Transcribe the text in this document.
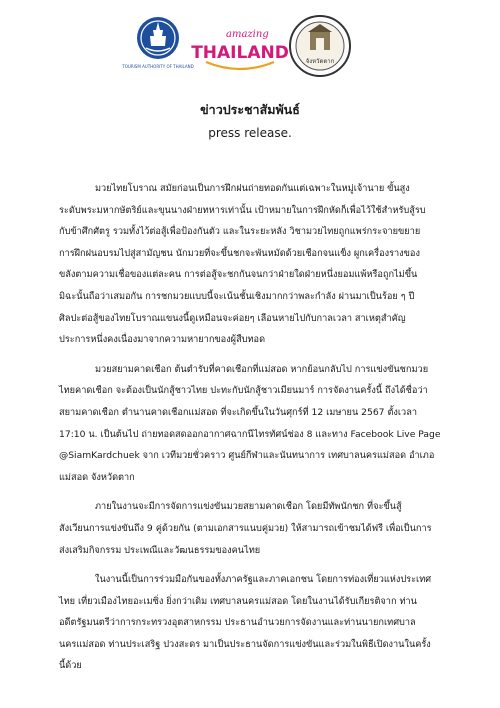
TOURISM AUTHORITY OF THAILAND
amazing
THAILAND	จังหวัดตาก
ข่าวประชาสัมพันธ์
press release.

มวยไทยโบราณ สมัยก่อนเป็นการฝึกฝนถ่ายทอดกันแต่เฉพาะในหมู่เจ้านาย ขั้นสูง
ระดับพระมหากษัตริย์และขุนนางฝ่ายทหารเท่านั้น เป้าหมายในการฝึกหัดก็เพื่อไว้ใช้สำหรับสู้รบ
กับข้าศึกศัตรู รวมทั้งไว้ต่อสู้เพื่อป้องกันตัว และในระยะหลัง วิชามวยไทยถูกแพร่กระจายขยาย
การฝึกฝนอบรมไปสู่สามัญชน นักมวยที่จะขึ้นชกจะพันหมัดด้วยเชือกจนแข็ง ผูกเครื่องรางของ
ขลังตามความเชื่อของแต่ละคน การต่อสู้จะชกกันจนกว่าฝ่ายใดฝ่ายหนึ่งยอมแพ้หรือถูกไม่ขึ้น
มิฉะนั้นถือว่าเสมอกัน การชกมวยแบบนี้จะเน้นชั้นเชิงมากกว่าพละกำลัง ผ่านมาเป็นร้อย ๆ ปี
ศิลปะต่อสู้ของไทยโบราณแขนงนี้ดูเหมือนจะค่อยๆ เลือนหายไปกับกาลเวลา สาเหตุสำคัญ
ประการหนึ่งคงเนื่องมาจากความหายากของผู้สืบทอด

มวยสยามคาดเชือก ต้นตำรับที่คาดเชือกที่แม่สอด หากย้อนกลับไป การแข่งขันชกมวย
ไทยคาดเชือก จะต้องเป็นนักสู้ชาวไทย ปะทะกับนักสู้ชาวเมียนมาร์ การจัดงานครั้งนี้ ถึงได้ชื่อว่า
สยามคาดเชือก ตำนานคาดเชือกแม่สอด ที่จะเกิดขึ้นในวันศุกร์ที่ 12 เมษายน 2567 ตั้งเวลา
17:10 น. เป็นต้นไป ถ่ายทอดสดออกอากาศฉากนีไทรทัศน์ช่อง 8 และทาง Facebook Live Page
@SiamKardchuek จาก เวทีมวยชั่วคราว ศูนย์กีฬาและนันทนาการ เทศบาลนครแม่สอด อำเภอ
แม่สอด จังหวัดตาก

ภายในงานจะมีการจัดการแข่งขันมวยสยามคาดเชือก โดยมีทัพนักชก ที่จะขึ้นสู้
สังเวียนการแข่งขันถึง 9 คู่ด้วยกัน (ตามเอกสารแนบคู่มวย) ให้สามารถเข้าชมได้ฟรี เพื่อเป็นการ
ส่งเสริมกิจกรรม ประเพณีและวัฒนธรรมของคนไทย

ในงานนี้เป็นการร่วมมือกันของทั้งภาครัฐและภาคเอกชน โดยการท่องเที่ยวแห่งประเทศ
ไทย เที่ยวเมืองไทยอะเมซิ่ง ยิ่งกว่าเดิม เทศบาลนครแม่สอด โดยในงานได้รับเกียรติจาก ท่าน
อดีตรัฐมนตรีว่าการกระทรวงอุตสาหกรรม ประธานอำนวยการจัดงานและท่านนายกเทศบาล
นครแม่สอด ท่านประเสริฐ ปวงสะดร มาเป็นประธานจัดการแข่งขันและร่วมในพิธีเปิดงานในครั้ง
นี้ด้วย
